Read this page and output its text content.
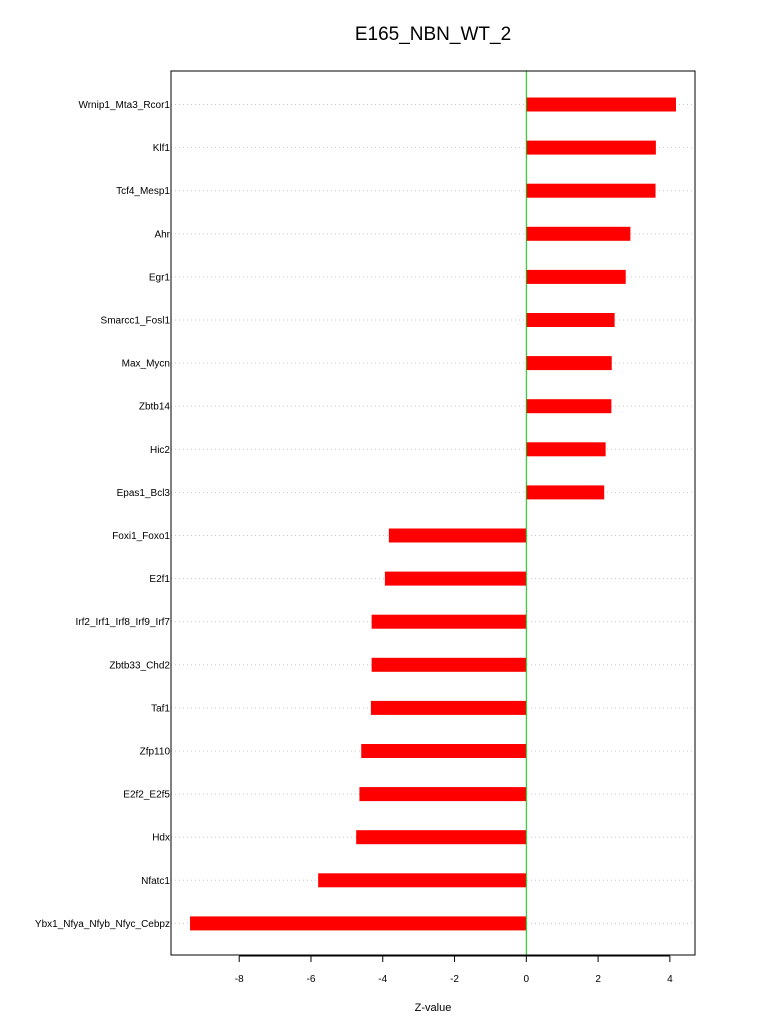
E165_NBN_WT_2
Wrnip1_Mta3_Rcor1
Klf1
Tcf4_Mesp1
Ahr
Egr1
Smarcc1_Fosl1
Max_Mycn
Zbtb14
Hic2
Epas1_Bcl3
Foxi1_Foxo1
E2f1
Irf2_Irf1_Irf8_Irf9_Irf7
Zbtb33_Chd2
Taf1
Zfp110
E2f2_E2f5
Hdx
Nfatc1
Ybx1_Nfya_Nfyb_Nfyc_Cebpz
-8	-6	-4	-2	0	2	4
Z-value
